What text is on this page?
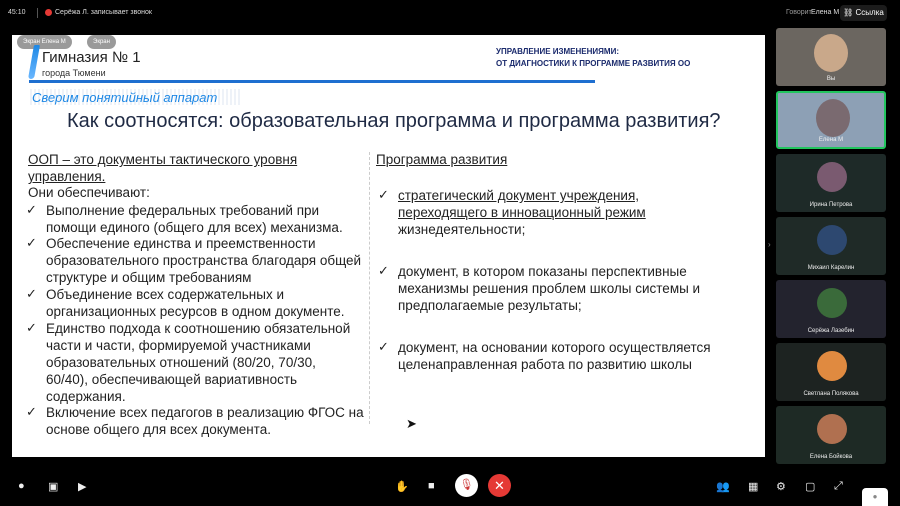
45:10	Серёжа Л. записывает звонок	Говорит Елена М ⛓ Ссылка
Экран Елена М	Экран
Гимназия № 1
города Тюмени
УПРАВЛЕНИЕ ИЗМЕНЕНИЯМИ:
ОТ ДИАГНОСТИКИ К ПРОГРАММЕ РАЗВИТИЯ ОО
Сверим понятийный аппарат
Как соотносятся: образовательная программа и программа развития?
ООП – это документы тактического уровня
управления.
Они обеспечивают:
✓ Выполнение федеральных требований при
помощи единого (общего для всех) механизма.
✓ Обеспечение единства и преемственности
образовательного пространства благодаря общей
структуре и общим требованиям
✓ Объединение всех содержательных и
организационных ресурсов в одном документе.
✓ Единство подхода к соотношению обязательной
части и части, формируемой участниками
образовательных отношений (80/20, 70/30,
60/40), обеспечивающей вариативность
содержания.
✓ Включение всех педагогов в реализацию ФГОС на
основе общего для всех документа.
Программа развития
✓ стратегический документ учреждения,
переходящего в инновационный режим

жизнедеятельности;
✓ документ, в котором показаны перспективные
механизмы решения проблем школы системы и
предполагаемые результаты;
✓ документ, на основании которого осуществляется
целенаправленная работа по развитию школы
➤
›
Вы
Елена М
Ирина Петрова
Михаил Карелин
Серёжа Лазебин
Светлана Полякова
Елена Бойкова
● ▣ ▶	✋ ■	🎙	✕	👥 ▦ ⚙ ▢ ⤢
●
